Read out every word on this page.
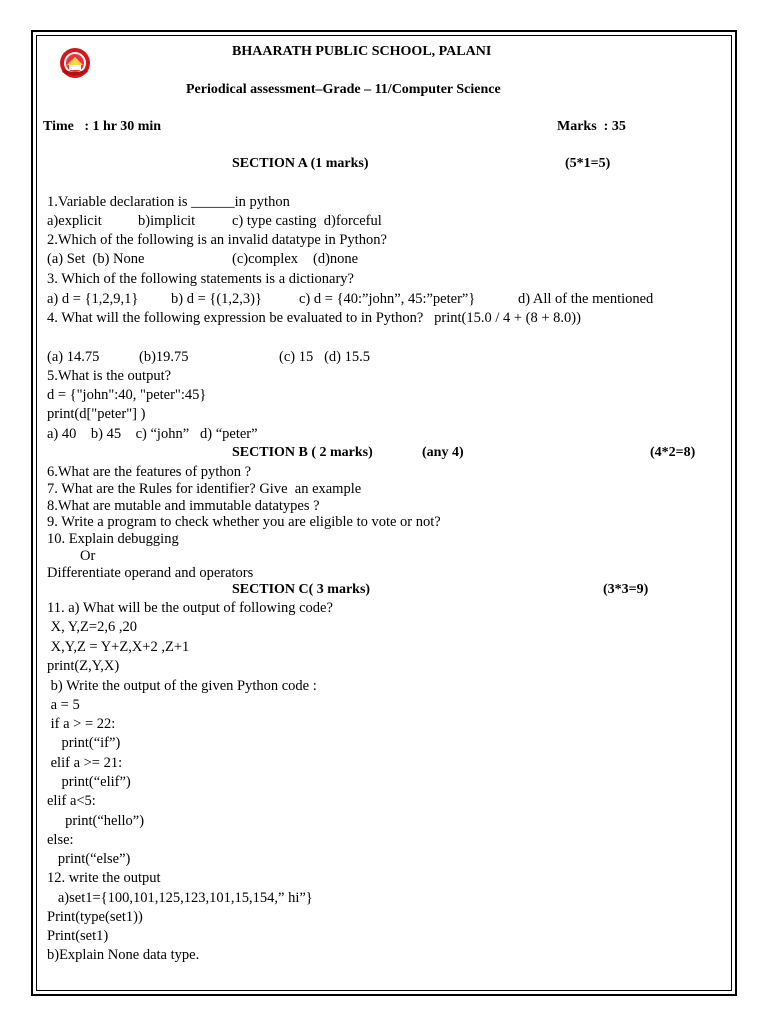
BHAARATH PUBLIC SCHOOL, PALANI
Periodical assessment–Grade – 11/Computer Science
Time   : 1 hr 30 min	Marks  : 35
SECTION A (1 marks)	(5*1=5)
1.Variable declaration is ______in python
a)explicit b)implicit	c) type casting  d)forceful
2.Which of the following is an invalid datatype in Python?
(a) Set  (b) None	(c)complex (d)none
3. Which of the following statements is a dictionary?
a) d = {1,2,9,1} b) d = {(1,2,3)}	c) d = {40:”john”, 45:”peter”}	d) All of the mentioned
4. What will the following expression be evaluated to in Python?   print(15.0 / 4 + (8 + 8.0))
(a) 14.75	(b)19.75	(c) 15   (d) 15.5
5.What is the output?
d = {"john":40, "peter":45}
print(d["peter"] )
a) 40    b) 45    c) “john”   d) “peter”
SECTION B ( 2 marks)	(any 4)	(4*2=8)
6.What are the features of python ?
7. What are the Rules for identifier? Give  an example
8.What are mutable and immutable datatypes ?
9. Write a program to check whether you are eligible to vote or not?
10. Explain debugging
Or
Differentiate operand and operators
SECTION C( 3 marks)	(3*3=9)
11. a) What will be the output of following code?
X, Y,Z=2,6 ,20
X,Y,Z = Y+Z,X+2 ,Z+1
print(Z,Y,X)
b) Write the output of the given Python code :
a = 5
if a > = 22:
print(“if”)
elif a >= 21:
print(“elif”)
elif a<5:
print(“hello”)
else:
print(“else”)
12. write the output
a)set1={100,101,125,123,101,15,154,” hi”}
Print(type(set1))
Print(set1)
b)Explain None data type.
